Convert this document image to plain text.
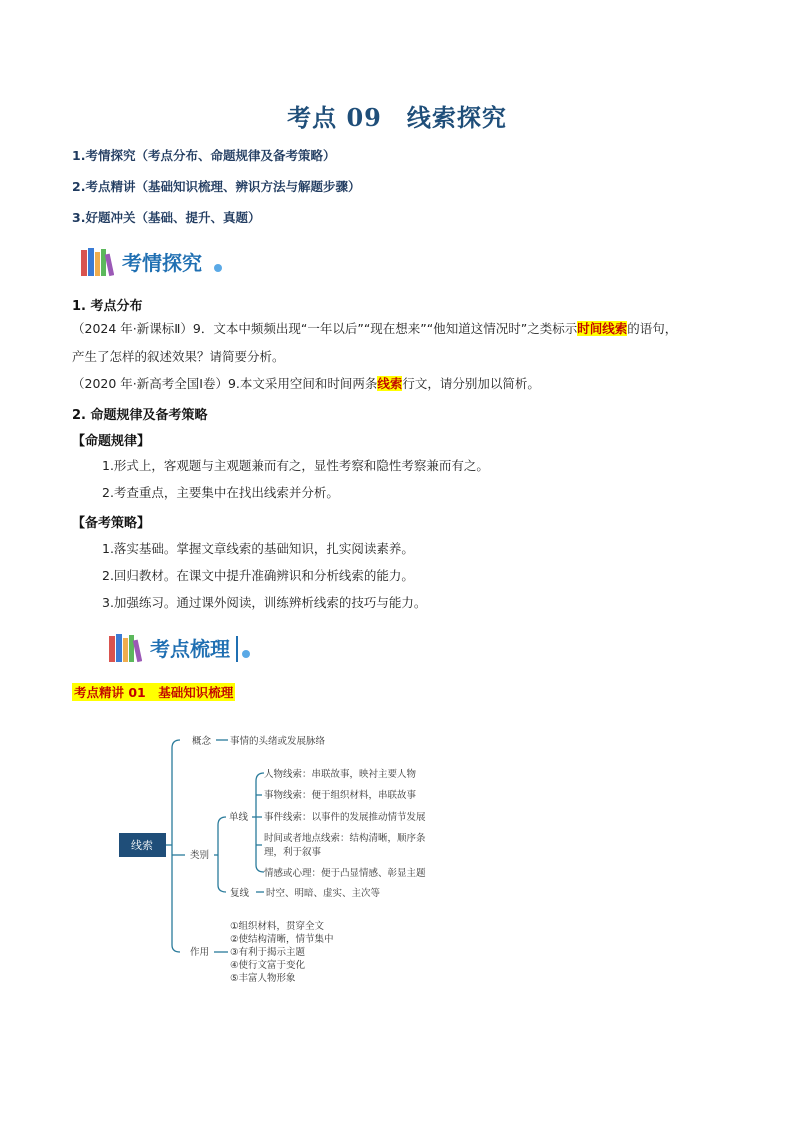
考点 09　线索探究
1.考情探究（考点分布、命题规律及备考策略）
2.考点精讲（基础知识梳理、辨识方法与解题步骤）
3.好题冲关（基础、提升、真题）
考情探究
1. 考点分布
（2024 年·新课标Ⅱ）9．文本中频频出现“一年以后”“现在想来”“他知道这情况时”之类标示时间线索的语句，
产生了怎样的叙述效果？请简要分析。
（2020 年·新高考全国Ⅰ卷）9.本文采用空间和时间两条线索行文，请分别加以简析。
2. 命题规律及备考策略
【命题规律】
1.形式上，客观题与主观题兼而有之，显性考察和隐性考察兼而有之。
2.考查重点，主要集中在找出线索并分析。
【备考策略】
1.落实基础。掌握文章线索的基础知识，扎实阅读素养。
2.回归教材。在课文中提升准确辨识和分析线索的能力。
3.加强练习。通过课外阅读，训练辨析线索的技巧与能力。
考点梳理
考点精讲 01　基础知识梳理
线索
概念 事情的头绪或发展脉络
类别
单线
人物线索：串联故事，映衬主要人物
事物线索：便于组织材料，串联故事
事件线索：以事件的发展推动情节发展
时间或者地点线索：结构清晰，顺序条
理，利于叙事
情感或心理：便于凸显情感、彰显主题
复线 时空、明暗、虚实、主次等
作用
①组织材料，贯穿全文
②使结构清晰，情节集中
③有利于揭示主题
④使行文富于变化
⑤丰富人物形象
